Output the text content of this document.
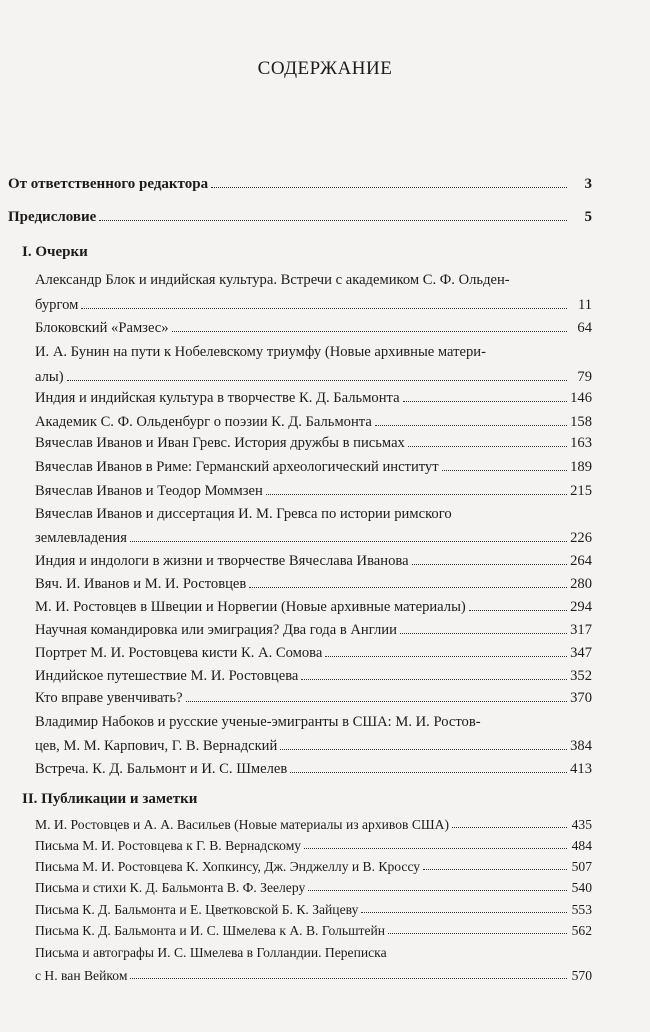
СОДЕРЖАНИЕ
От ответственного редактора	3
Предисловие	5
I. Очерки
Александр Блок и индийская культура. Встречи с академиком С. Ф. Ольден-
бургом	11
Блоковский «Рамзес»	64
И. А. Бунин на пути к Нобелевскому триумфу (Новые архивные матери-
алы)	79
Индия и индийская культура в творчестве К. Д. Бальмонта	146
Академик С. Ф. Ольденбург о поэзии К. Д. Бальмонта	158
Вячеслав Иванов и Иван Гревс. История дружбы в письмах	163
Вячеслав Иванов в Риме: Германский археологический институт	189
Вячеслав Иванов и Теодор Моммзен	215
Вячеслав Иванов и диссертация И. М. Гревса по истории римского
землевладения	226
Индия и индологи в жизни и творчестве Вячеслава Иванова	264
Вяч. И. Иванов и М. И. Ростовцев	280
М. И. Ростовцев в Швеции и Норвегии (Новые архивные материалы)	294
Научная командировка или эмиграция? Два года в Англии	317
Портрет М. И. Ростовцева кисти К. А. Сомова	347
Индийское путешествие М. И. Ростовцева	352
Кто вправе увенчивать?	370
Владимир Набоков и русские ученые-эмигранты в США: М. И. Ростов-
цев, М. М. Карпович, Г. В. Вернадский	384
Встреча. К. Д. Бальмонт и И. С. Шмелев	413
II. Публикации и заметки
М. И. Ростовцев и А. А. Васильев (Новые материалы из архивов США)	435
Письма М. И. Ростовцева к Г. В. Вернадскому	484
Письма М. И. Ростовцева К. Хопкинсу, Дж. Энджеллу и В. Кроссу	507
Письма и стихи К. Д. Бальмонта В. Ф. Зеелеру	540
Письма К. Д. Бальмонта и Е. Цветковской Б. К. Зайцеву	553
Письма К. Д. Бальмонта и И. С. Шмелева к А. В. Гольштейн	562
Письма и автографы И. С. Шмелева в Голландии. Переписка
с Н. ван Вейком	570
